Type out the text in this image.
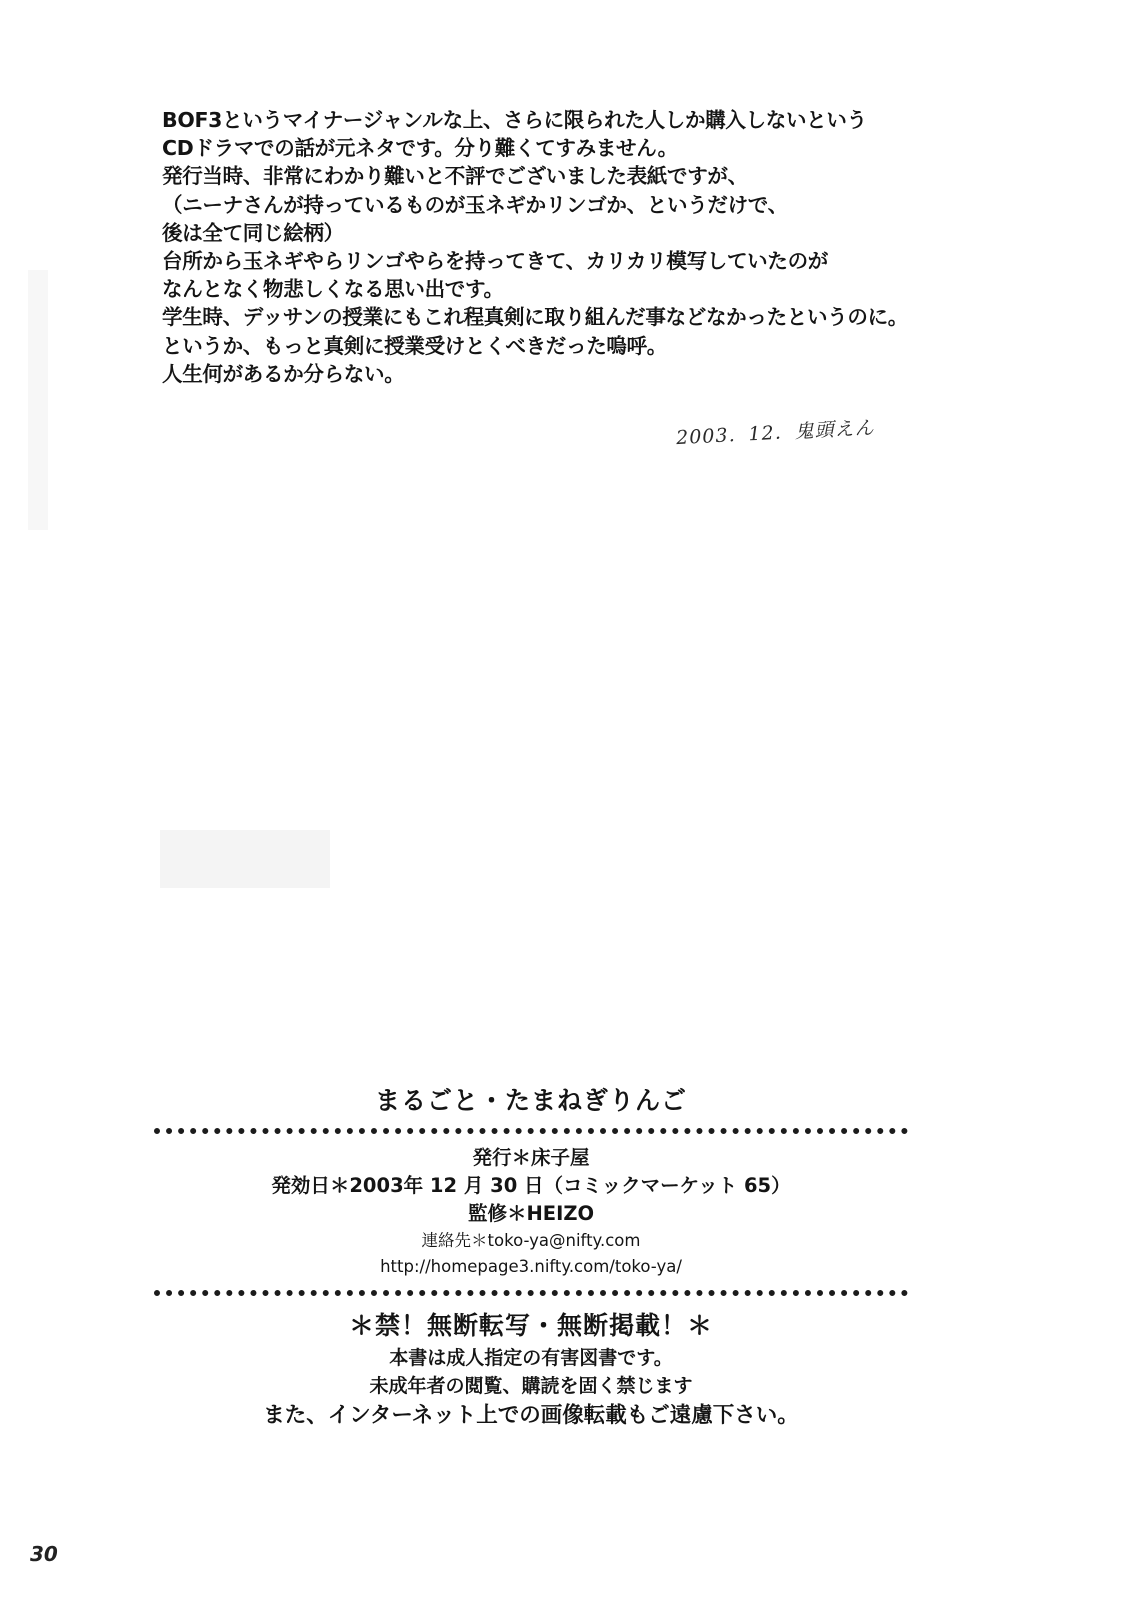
BOF3というマイナージャンルな上、さらに限られた人しか購入しないという
CDドラマでの話が元ネタです。分り難くてすみません。
発行当時、非常にわかり難いと不評でございました表紙ですが、
（ニーナさんが持っているものが玉ネギかリンゴか、というだけで、
後は全て同じ絵柄）
台所から玉ネギやらリンゴやらを持ってきて、カリカリ模写していたのが
なんとなく物悲しくなる思い出です。
学生時、デッサンの授業にもこれ程真剣に取り組んだ事などなかったというのに。
というか、もっと真剣に授業受けとくべきだった嗚呼。
人生何があるか分らない。
2003．12．鬼頭えん
まるごと・たまねぎりんご
発行＊床子屋
発効日＊2003年 12 月 30 日（コミックマーケット 65）
監修＊HEIZO
連絡先＊toko-ya@nifty.com
http://homepage3.nifty.com/toko-ya/
＊禁！無断転写・無断掲載！＊
本書は成人指定の有害図書です。
未成年者の閲覧、購読を固く禁じます
また、インターネット上での画像転載もご遠慮下さい。
30
